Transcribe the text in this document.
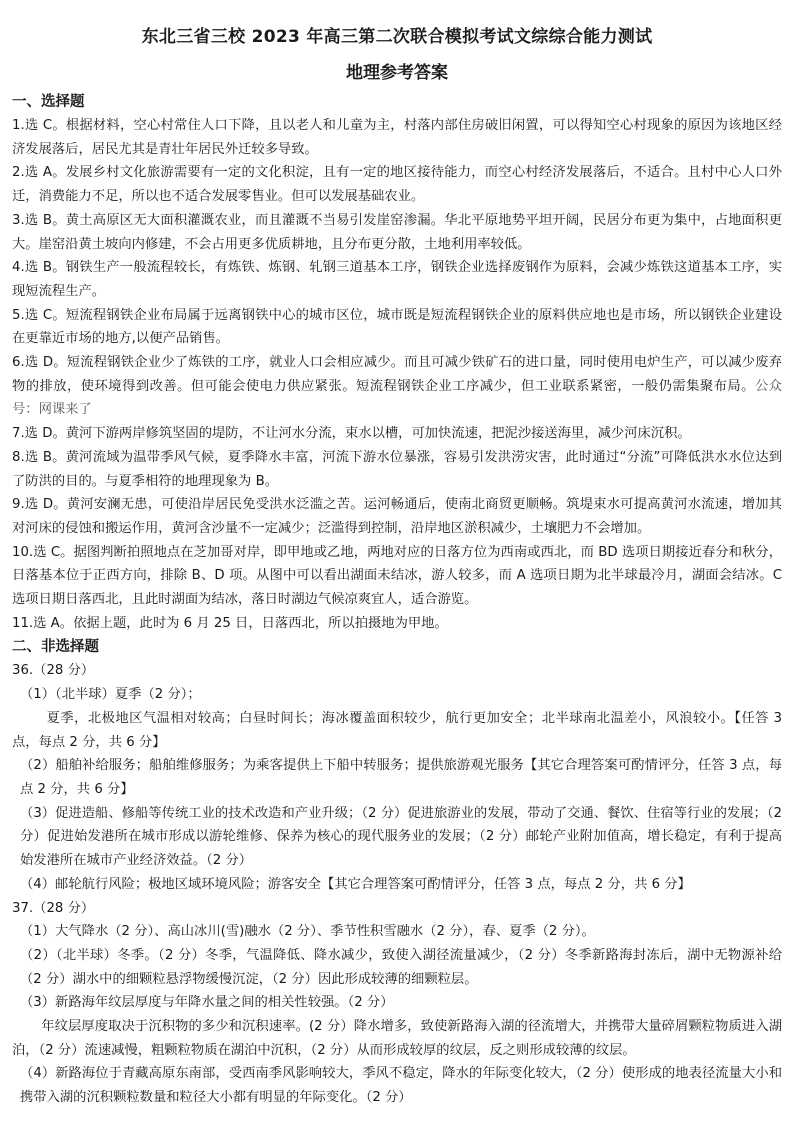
东北三省三校 2023 年高三第二次联合模拟考试文综综合能力测试
地理参考答案
一、选择题

1.选 C。根据材料，空心村常住人口下降，且以老人和儿童为主，村落内部住房破旧闲置，可以得知空心村现象的原因为该地区经济发展落后，居民尤其是青壮年居民外迁较多导致。

2.选 A。发展乡村文化旅游需要有一定的文化积淀，且有一定的地区接待能力，而空心村经济发展落后，不适合。且村中心人口外迁，消费能力不足，所以也不适合发展零售业。但可以发展基础农业。

3.选 B。黄土高原区无大面积灌溉农业，而且灌溉不当易引发崖窑渗漏。华北平原地势平坦开阔，民居分布更为集中，占地面积更大。崖窑沿黄土坡向内修建，不会占用更多优质耕地，且分布更分散，土地利用率较低。

4.选 B。钢铁生产一般流程较长，有炼铁、炼钢、轧钢三道基本工序，钢铁企业选择废钢作为原料，会减少炼铁这道基本工序，实现短流程生产。

5.选 C。短流程钢铁企业布局属于远离钢铁中心的城市区位，城市既是短流程钢铁企业的原料供应地也是市场，所以钢铁企业建设在更靠近市场的地方,以便产品销售。

6.选 D。短流程钢铁企业少了炼铁的工序，就业人口会相应减少。而且可减少铁矿石的进口量，同时使用电炉生产，可以减少废弃物的排放，使环境得到改善。但可能会使电力供应紧张。短流程钢铁企业工序减少，但工业联系紧密，一般仍需集聚布局。公众号：网课来了

7.选 D。黄河下游两岸修筑坚固的堤防，不让河水分流，束水以槽，可加快流速，把泥沙接送海里，减少河床沉积。

8.选 B。黄河流域为温带季风气候，夏季降水丰富，河流下游水位暴涨，容易引发洪涝灾害，此时通过“分流”可降低洪水水位达到了防洪的目的。与夏季相符的地理现象为 B。

9.选 D。黄河安澜无患，可使沿岸居民免受洪水泛滥之苦。运河畅通后，使南北商贸更顺畅。筑堤束水可提高黄河水流速，增加其对河床的侵蚀和搬运作用，黄河含沙量不一定减少；泛滥得到控制，沿岸地区淤积减少，土壤肥力不会增加。

10.选 C。据图判断拍照地点在芝加哥对岸，即甲地或乙地，两地对应的日落方位为西南或西北，而 BD 选项日期接近春分和秋分，日落基本位于正西方向，排除 B、D 项。从图中可以看出湖面未结冰，游人较多，而 A 选项日期为北半球最冷月，湖面会结冰。C 选项日期日落西北，且此时湖面为结冰，落日时湖边气候凉爽宜人，适合游览。

11.选 A。依据上题，此时为 6 月 25 日，日落西北，所以拍摄地为甲地。

二、非选择题

36.（28 分）

（1）（北半球）夏季（2 分）；

夏季，北极地区气温相对较高；白昼时间长；海冰覆盖面积较少，航行更加安全；北半球南北温差小，风浪较小。【任答 3 点，每点 2 分，共 6 分】

（2）船舶补给服务；船舶维修服务；为乘客提供上下船中转服务；提供旅游观光服务【其它合理答案可酌情评分，任答 3 点，每点 2 分，共 6 分】

（3）促进造船、修船等传统工业的技术改造和产业升级；（2 分）促进旅游业的发展，带动了交通、餐饮、住宿等行业的发展；（2 分）促进始发港所在城市形成以游轮维修、保养为核心的现代服务业的发展；（2 分）邮轮产业附加值高，增长稳定，有利于提高始发港所在城市产业经济效益。（2 分）

（4）邮轮航行风险；极地区域环境风险；游客安全【其它合理答案可酌情评分，任答 3 点，每点 2 分，共 6 分】

37.（28 分）

（1）大气降水（2 分）、高山冰川(雪)融水（2 分）、季节性积雪融水（2 分），春、夏季（2 分）。

（2）（北半球）冬季。（2 分）冬季，气温降低、降水减少，致使入湖径流量减少，（2 分）冬季新路海封冻后，湖中无物源补给（2 分）湖水中的细颗粒悬浮物缓慢沉淀，（2 分）因此形成较薄的细颗粒层。

（3）新路海年纹层厚度与年降水量之间的相关性较强。（2 分）

年纹层厚度取决于沉积物的多少和沉积速率。(2 分）降水增多，致使新路海入湖的径流增大，并携带大量碎屑颗粒物质进入湖泊，（2 分）流速减慢，粗颗粒物质在湖泊中沉积，（2 分）从而形成较厚的纹层，反之则形成较薄的纹层。

（4）新路海位于青藏高原东南部，受西南季风影响较大，季风不稳定，降水的年际变化较大，（2 分）使形成的地表径流量大小和携带入湖的沉积颗粒数量和粒径大小都有明显的年际变化。（2 分）
